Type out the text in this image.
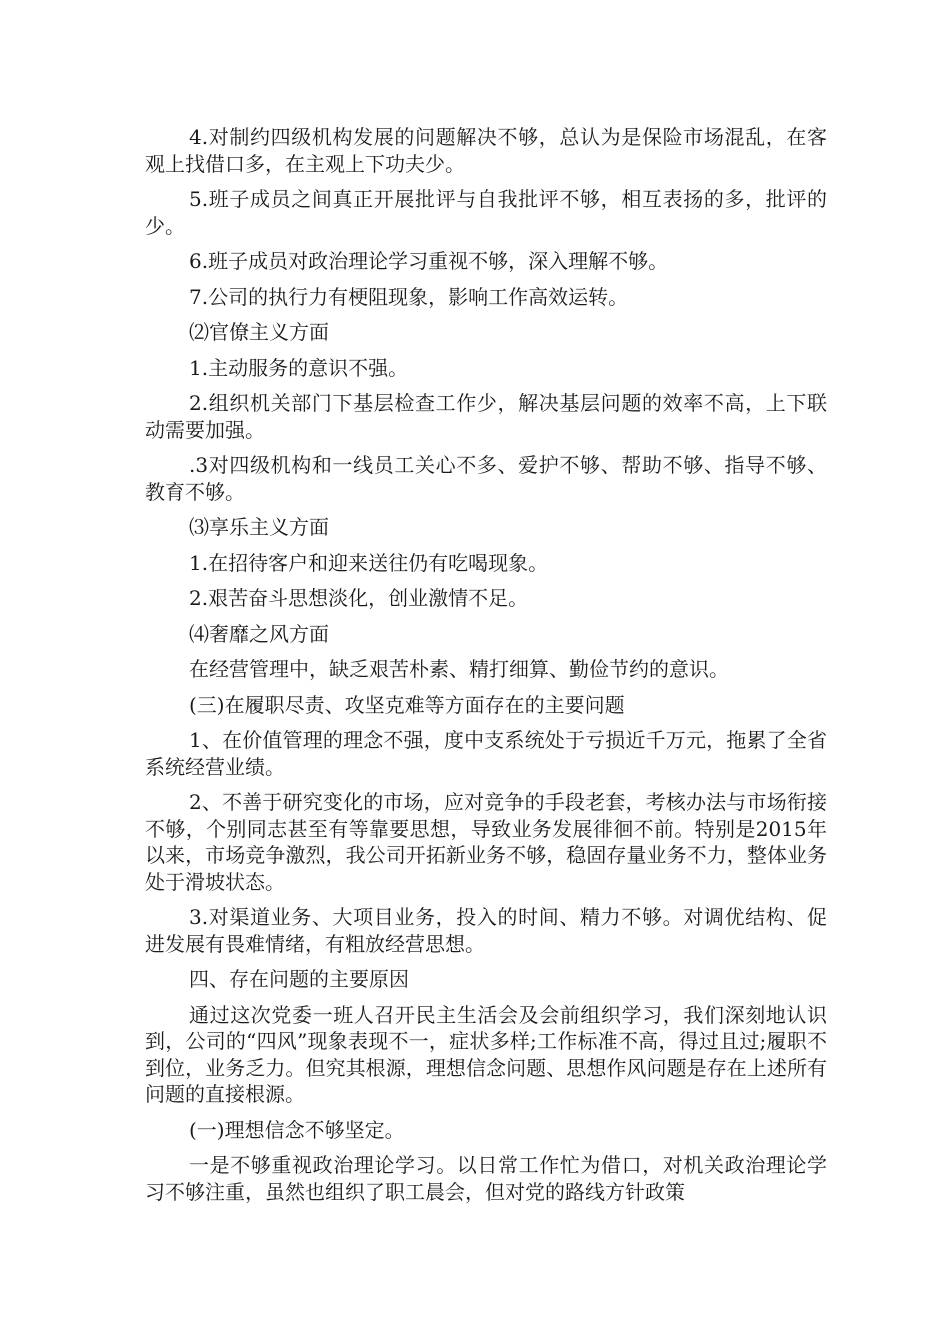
4.对制约四级机构发展的问题解决不够，总认为是保险市场混乱，在客观上找借口多，在主观上下功夫少。

5.班子成员之间真正开展批评与自我批评不够，相互表扬的多，批评的少。

6.班子成员对政治理论学习重视不够，深入理解不够。

7.公司的执行力有梗阻现象，影响工作高效运转。

⑵官僚主义方面

1.主动服务的意识不强。

2.组织机关部门下基层检查工作少，解决基层问题的效率不高，上下联动需要加强。

.3对四级机构和一线员工关心不多、爱护不够、帮助不够、指导不够、教育不够。

⑶享乐主义方面

1.在招待客户和迎来送往仍有吃喝现象。

2.艰苦奋斗思想淡化，创业激情不足。

⑷奢靡之风方面

在经营管理中，缺乏艰苦朴素、精打细算、勤俭节约的意识。

(三)在履职尽责、攻坚克难等方面存在的主要问题

1、在价值管理的理念不强，度中支系统处于亏损近千万元，拖累了全省系统经营业绩。

2、不善于研究变化的市场，应对竞争的手段老套，考核办法与市场衔接不够，个别同志甚至有等靠要思想，导致业务发展徘徊不前。特别是2015年以来，市场竞争激烈，我公司开拓新业务不够，稳固存量业务不力，整体业务处于滑坡状态。

3.对渠道业务、大项目业务，投入的时间、精力不够。对调优结构、促进发展有畏难情绪，有粗放经营思想。

四、存在问题的主要原因

通过这次党委一班人召开民主生活会及会前组织学习，我们深刻地认识到，公司的“四风”现象表现不一，症状多样;工作标准不高，得过且过;履职不到位，业务乏力。但究其根源，理想信念问题、思想作风问题是存在上述所有问题的直接根源。

(一)理想信念不够坚定。

一是不够重视政治理论学习。以日常工作忙为借口，对机关政治理论学习不够注重，虽然也组织了职工晨会，但对党的路线方针政策
